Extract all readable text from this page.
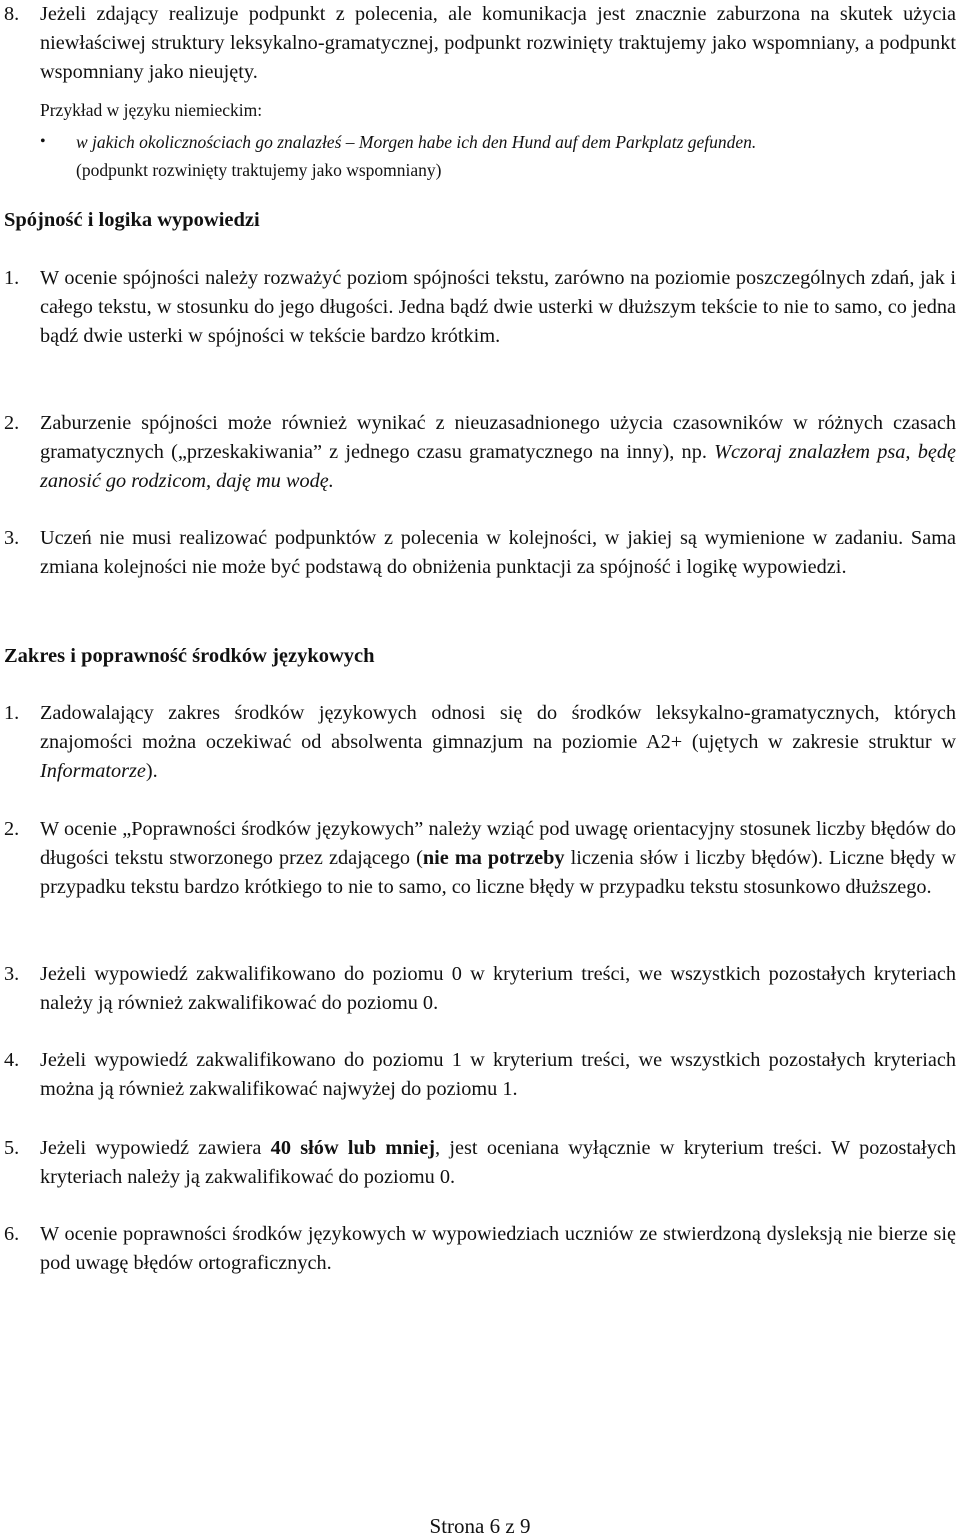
8. Jeżeli zdający realizuje podpunkt z polecenia, ale komunikacja jest znacznie zaburzona na skutek użycia niewłaściwej struktury leksykalno-gramatycznej, podpunkt rozwinięty traktujemy jako wspomniany, a podpunkt wspomniany jako nieujęty.
Przykład w języku niemieckim:
• w jakich okolicznościach go znalazłeś – Morgen habe ich den Hund auf dem Parkplatz gefunden.
(podpunkt rozwinięty traktujemy jako wspomniany)
Spójność i logika wypowiedzi
1. W ocenie spójności należy rozważyć poziom spójności tekstu, zarówno na poziomie poszczególnych zdań, jak i całego tekstu, w stosunku do jego długości. Jedna bądź dwie usterki w dłuższym tekście to nie to samo, co jedna bądź dwie usterki w spójności w tekście bardzo krótkim.
2. Zaburzenie spójności może również wynikać z nieuzasadnionego użycia czasowników w różnych czasach gramatycznych („przeskakiwania” z jednego czasu gramatycznego na inny), np. Wczoraj znalazłem psa, będę zanosić go rodzicom, daję mu wodę.
3. Uczeń nie musi realizować podpunktów z polecenia w kolejności, w jakiej są wymienione w zadaniu. Sama zmiana kolejności nie może być podstawą do obniżenia punktacji za spójność i logikę wypowiedzi.
Zakres i poprawność środków językowych
1. Zadowalający zakres środków językowych odnosi się do środków leksykalno-gramatycznych, których znajomości można oczekiwać od absolwenta gimnazjum na poziomie A2+ (ujętych w zakresie struktur w Informatorze).
2. W ocenie „Poprawności środków językowych” należy wziąć pod uwagę orientacyjny stosunek liczby błędów do długości tekstu stworzonego przez zdającego (nie ma potrzeby liczenia słów i liczby błędów). Liczne błędy w przypadku tekstu bardzo krótkiego to nie to samo, co liczne błędy w przypadku tekstu stosunkowo dłuższego.
3. Jeżeli wypowiedź zakwalifikowano do poziomu 0 w kryterium treści, we wszystkich pozostałych kryteriach należy ją również zakwalifikować do poziomu 0.
4. Jeżeli wypowiedź zakwalifikowano do poziomu 1 w kryterium treści, we wszystkich pozostałych kryteriach można ją również zakwalifikować najwyżej do poziomu 1.
5. Jeżeli wypowiedź zawiera 40 słów lub mniej, jest oceniana wyłącznie w kryterium treści. W pozostałych kryteriach należy ją zakwalifikować do poziomu 0.
6. W ocenie poprawności środków językowych w wypowiedziach uczniów ze stwierdzoną dysleksją nie bierze się pod uwagę błędów ortograficznych.
Strona 6 z 9
